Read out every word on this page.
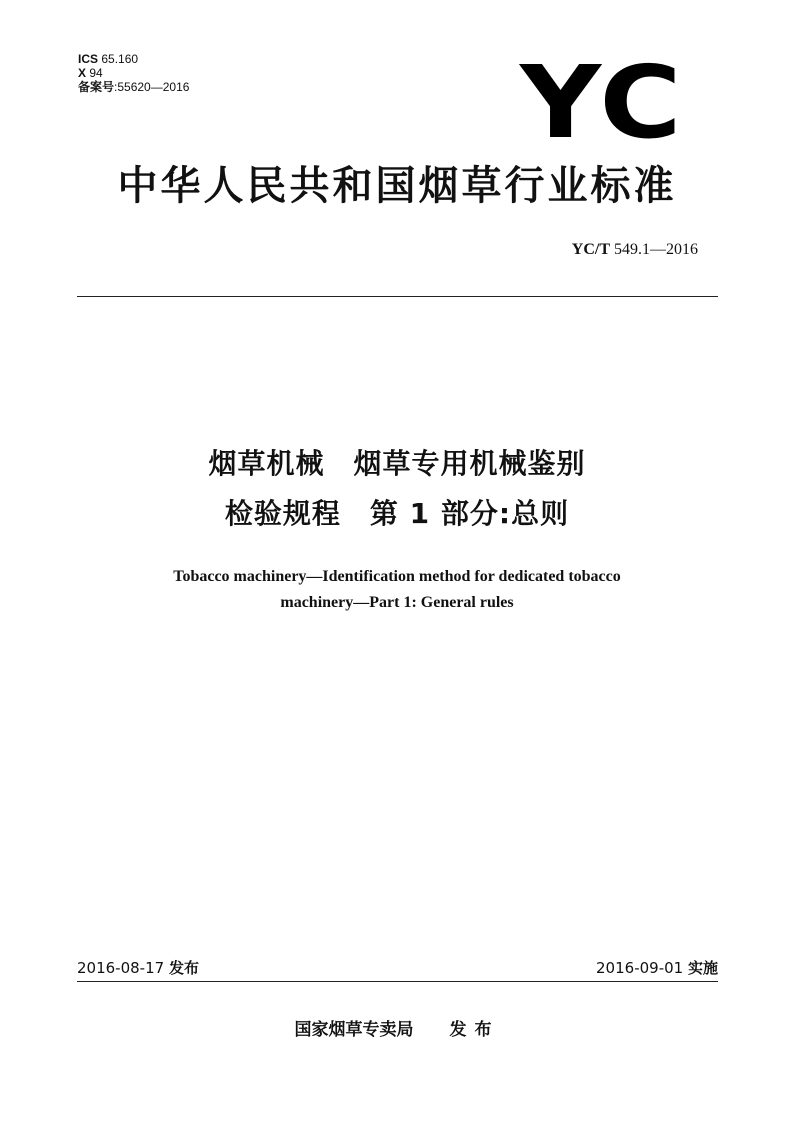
ICS 65.160
X 94
备案号:55620—2016	YC
中华人民共和国烟草行业标准
YC/T 549.1—2016
烟草机械　烟草专用机械鉴别
检验规程　第 1 部分:总则
Tobacco machinery—Identification method for dedicated tobacco
machinery—Part 1: General rules
2016-08-17 发布	2016-09-01 实施
国家烟草专卖局 发布
